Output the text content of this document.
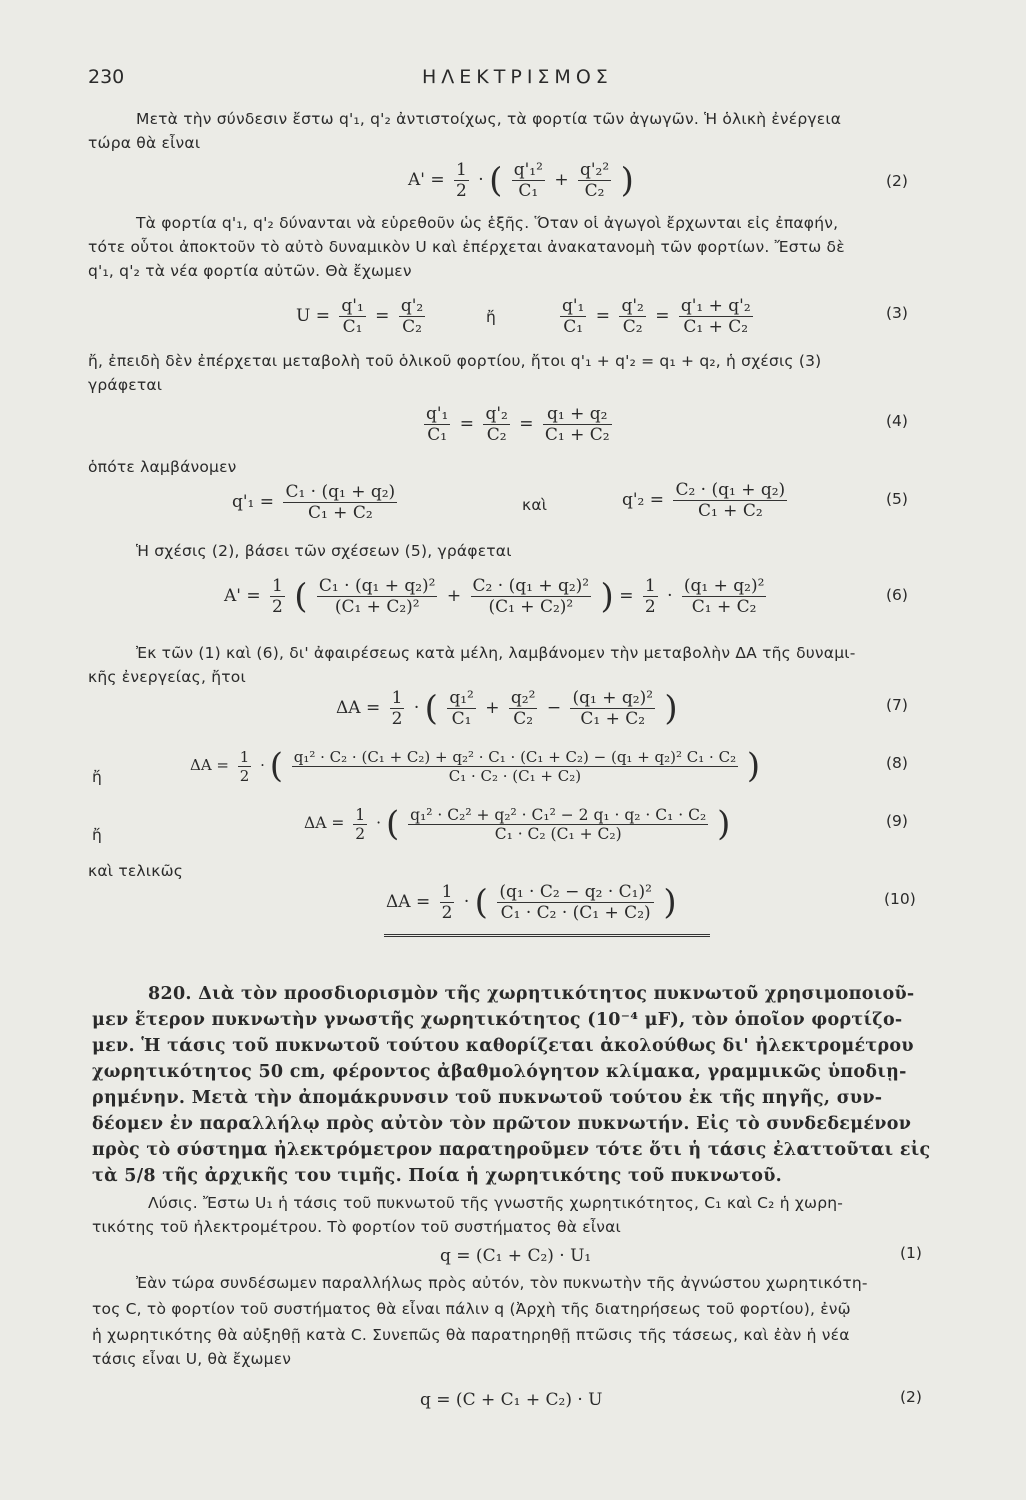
230	ΗΛΕΚΤΡΙΣΜΟΣ
Μετὰ τὴν σύνδεσιν ἔστω q'₁, q'₂ ἀντιστοίχως, τὰ φορτία τῶν ἀγωγῶν. Ἡ ὁλικὴ ἐνέργεια
τώρα θὰ εἶναι
$A' = \frac{1}{2}$ · ( $\frac{\text{q'₁²}}{\text{C₁}} + \frac{\text{q'₂²}}{\text{C₂}}$ )	(2)
Τὰ φορτία q'₁, q'₂ δύνανται νὰ εὑρεθοῦν ὡς ἑξῆς. Ὅταν οἱ ἀγωγοὶ ἔρχωνται εἰς ἐπαφήν,
τότε οὗτοι ἀποκτοῦν τὸ αὐτὸ δυναμικὸν U καὶ ἐπέρχεται ἀνακατανομὴ τῶν φορτίων. Ἔστω δὲ
q'₁, q'₂ τὰ νέα φορτία αὐτῶν. Θὰ ἔχωμεν
$U = \frac{\text{q'₁}}{\text{C₁}} = \frac{\text{q'₂}}{\text{C₂}}$	ἤ	$\frac{\text{q'₁}}{\text{C₁}} = \frac{\text{q'₂}}{\text{C₂}} = \frac{\text{q'₁ + q'₂}}{\text{C₁ + C₂}}$	(3)
ἤ, ἐπειδὴ δὲν ἐπέρχεται μεταβολὴ τοῦ ὁλικοῦ φορτίου, ἤτοι q'₁ + q'₂ = q₁ + q₂, ἡ σχέσις (3)
γράφεται
$\frac{\text{q'₁}}{\text{C₁}} = \frac{\text{q'₂}}{\text{C₂}} = \frac{\text{q₁ + q₂}}{\text{C₁ + C₂}}$	(4)
ὁπότε λαμβάνομεν
$q'_1 = \frac{\text{C₁ · (q₁ + q₂)}}{\text{C₁ + C₂}}$	καὶ	$q'_2 = \frac{\text{C₂ · (q₁ + q₂)}}{\text{C₁ + C₂}}$	(5)
Ἡ σχέσις (2), βάσει τῶν σχέσεων (5), γράφεται
$A' = \frac{1}{2}$ ( $\frac{\text{C₁ · (q₁ + q₂)²}}{\text{(C₁ + C₂)²}} + \frac{\text{C₂ · (q₁ + q₂)²}}{\text{(C₁ + C₂)²}}$ ) = $\frac{1}{2} \cdot \frac{\text{(q₁ + q₂)²}}{\text{C₁ + C₂}}$	(6)
Ἐκ τῶν (1) καὶ (6), δι' ἀφαιρέσεως κατὰ μέλη, λαμβάνομεν τὴν μεταβολὴν ΔΑ τῆς δυναμι-
κῆς ἐνεργείας, ἤτοι
$\Delta A = \frac{1}{2}$ · ( $\frac{\text{q₁²}}{\text{C₁}} + \frac{\text{q₂²}}{\text{C₂}} - \frac{\text{(q₁ + q₂)²}}{\text{C₁ + C₂}}$ )	(7)
ἤ
$\Delta A = \frac{1}{2}$ · ( q₁² · C₂ · (C₁ + C₂) + q₂² · C₁ · (C₁ + C₂) − (q₁ + q₂)² C₁ · C₂
C₁ · C₂ · (C₁ + C₂)	)	(8)
ἤ
$\Delta A = \frac{1}{2}$ · ( $\frac{\text{q₁² · C₂² + q₂² · C₁² − 2 q₁ · q₂ · C₁ · C₂}}{\text{C₁ · C₂ (C₁ + C₂)}}$ )	(9)
καὶ τελικῶς
$\Delta A = \frac{1}{2}$ · ( $\frac{\text{(q₁ · C₂ − q₂ · C₁)²}}{\text{C₁ · C₂ · (C₁ + C₂)}}$ )	(10)
820. Διὰ τὸν προσδιορισμὸν τῆς χωρητικότητος πυκνωτοῦ χρησιμοποιοῦ-
μεν ἕτερον πυκνωτὴν γνωστῆς χωρητικότητος (10⁻⁴ μF), τὸν ὁποῖον φορτίζο-
μεν. Ἡ τάσις τοῦ πυκνωτοῦ τούτου καθορίζεται ἀκολούθως δι' ἠλεκτρομέτρου
χωρητικότητος 50 cm, φέροντος ἀβαθμολόγητον κλίμακα, γραμμικῶς ὑποδιῃ-
ρημένην. Μετὰ τὴν ἀπομάκρυνσιν τοῦ πυκνωτοῦ τούτου ἐκ τῆς πηγῆς, συν-
δέομεν ἐν παραλλήλῳ πρὸς αὐτὸν τὸν πρῶτον πυκνωτήν. Εἰς τὸ συνδεδεμένον
πρὸς τὸ σύστημα ἠλεκτρόμετρον παρατηροῦμεν τότε ὅτι ἡ τάσις ἐλαττοῦται εἰς
τὰ 5/8 τῆς ἀρχικῆς του τιμῆς. Ποία ἡ χωρητικότης τοῦ πυκνωτοῦ.
Λύσις. Ἔστω U₁ ἡ τάσις τοῦ πυκνωτοῦ τῆς γνωστῆς χωρητικότητος, C₁ καὶ C₂ ἡ χωρη-
τικότης τοῦ ἠλεκτρομέτρου. Τὸ φορτίον τοῦ συστήματος θὰ εἶναι
q = (C₁ + C₂) · U₁	(1)
Ἐὰν τώρα συνδέσωμεν παραλλήλως πρὸς αὐτόν, τὸν πυκνωτὴν τῆς ἀγνώστου χωρητικότη-
τος C, τὸ φορτίον τοῦ συστήματος θὰ εἶναι πάλιν q (Ἀρχὴ τῆς διατηρήσεως τοῦ φορτίου), ἐνῷ
ἡ χωρητικότης θὰ αὐξηθῇ κατὰ C. Συνεπῶς θὰ παρατηρηθῇ πτῶσις τῆς τάσεως, καὶ ἐὰν ἡ νέα
τάσις εἶναι U, θὰ ἔχωμεν
q = (C + C₁ + C₂) · U	(2)
